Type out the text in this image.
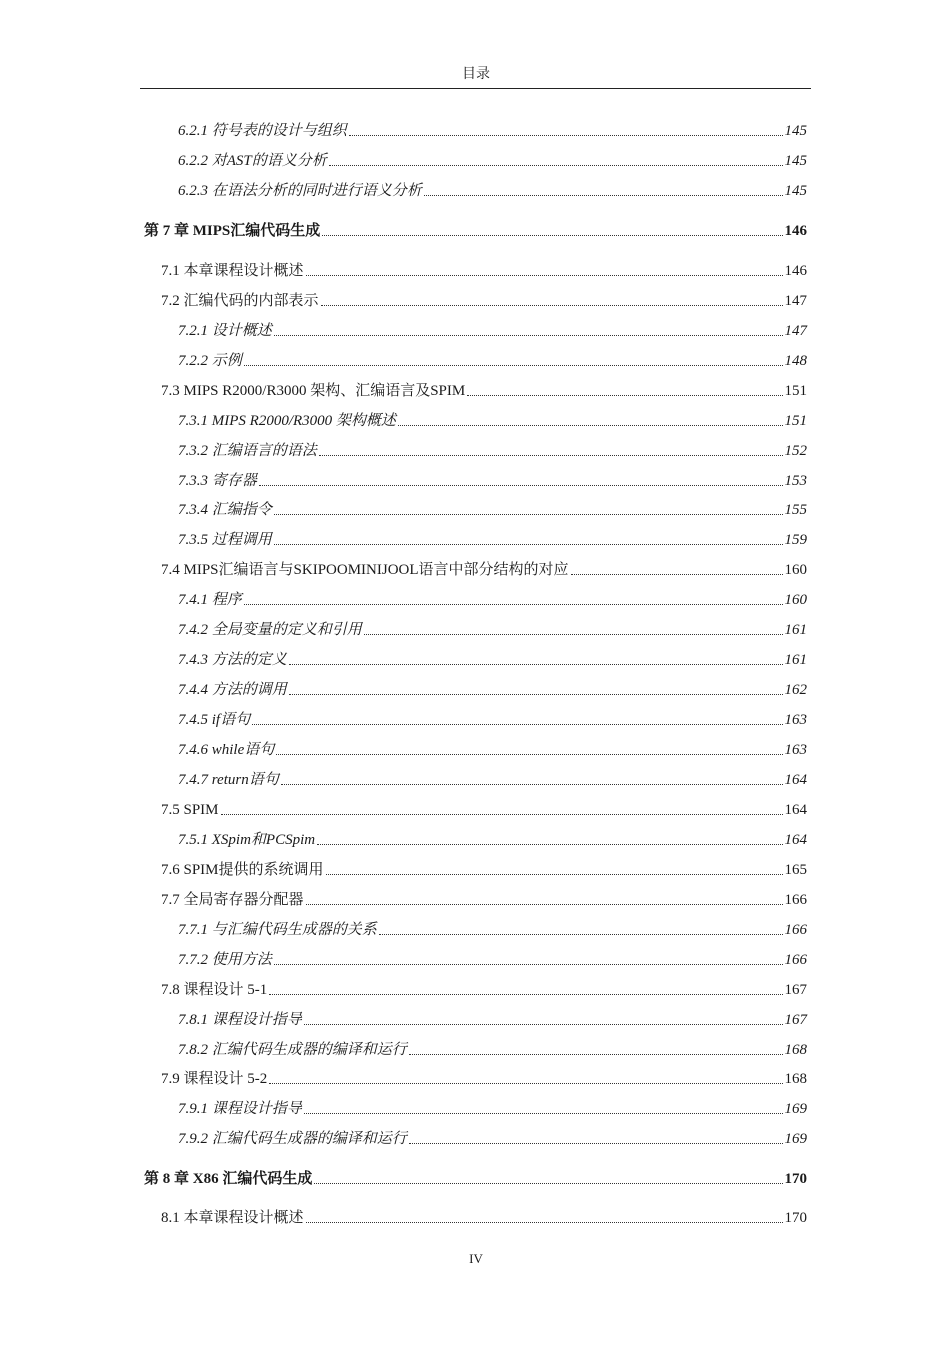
目录
6.2.1 符号表的设计与组织	145
6.2.2 对AST的语义分析	145
6.2.3 在语法分析的同时进行语义分析	145
第 7 章 MIPS汇编代码生成	146
7.1 本章课程设计概述	146
7.2 汇编代码的内部表示	147
7.2.1 设计概述	147
7.2.2 示例	148
7.3 MIPS R2000/R3000 架构、汇编语言及SPIM	151
7.3.1 MIPS R2000/R3000 架构概述	151
7.3.2 汇编语言的语法	152
7.3.3 寄存器	153
7.3.4 汇编指令	155
7.3.5 过程调用	159
7.4 MIPS汇编语言与SKIPOOMINIJOOL语言中部分结构的对应	160
7.4.1 程序	160
7.4.2 全局变量的定义和引用	161
7.4.3 方法的定义	161
7.4.4 方法的调用	162
7.4.5 if语句	163
7.4.6 while语句	163
7.4.7 return语句	164
7.5 SPIM	164
7.5.1 XSpim和PCSpim	164
7.6 SPIM提供的系统调用	165
7.7 全局寄存器分配器	166
7.7.1 与汇编代码生成器的关系	166
7.7.2 使用方法	166
7.8 课程设计 5-1	167
7.8.1 课程设计指导	167
7.8.2 汇编代码生成器的编译和运行	168
7.9 课程设计 5-2	168
7.9.1 课程设计指导	169
7.9.2 汇编代码生成器的编译和运行	169
第 8 章 X86 汇编代码生成	170
8.1 本章课程设计概述	170
IV
